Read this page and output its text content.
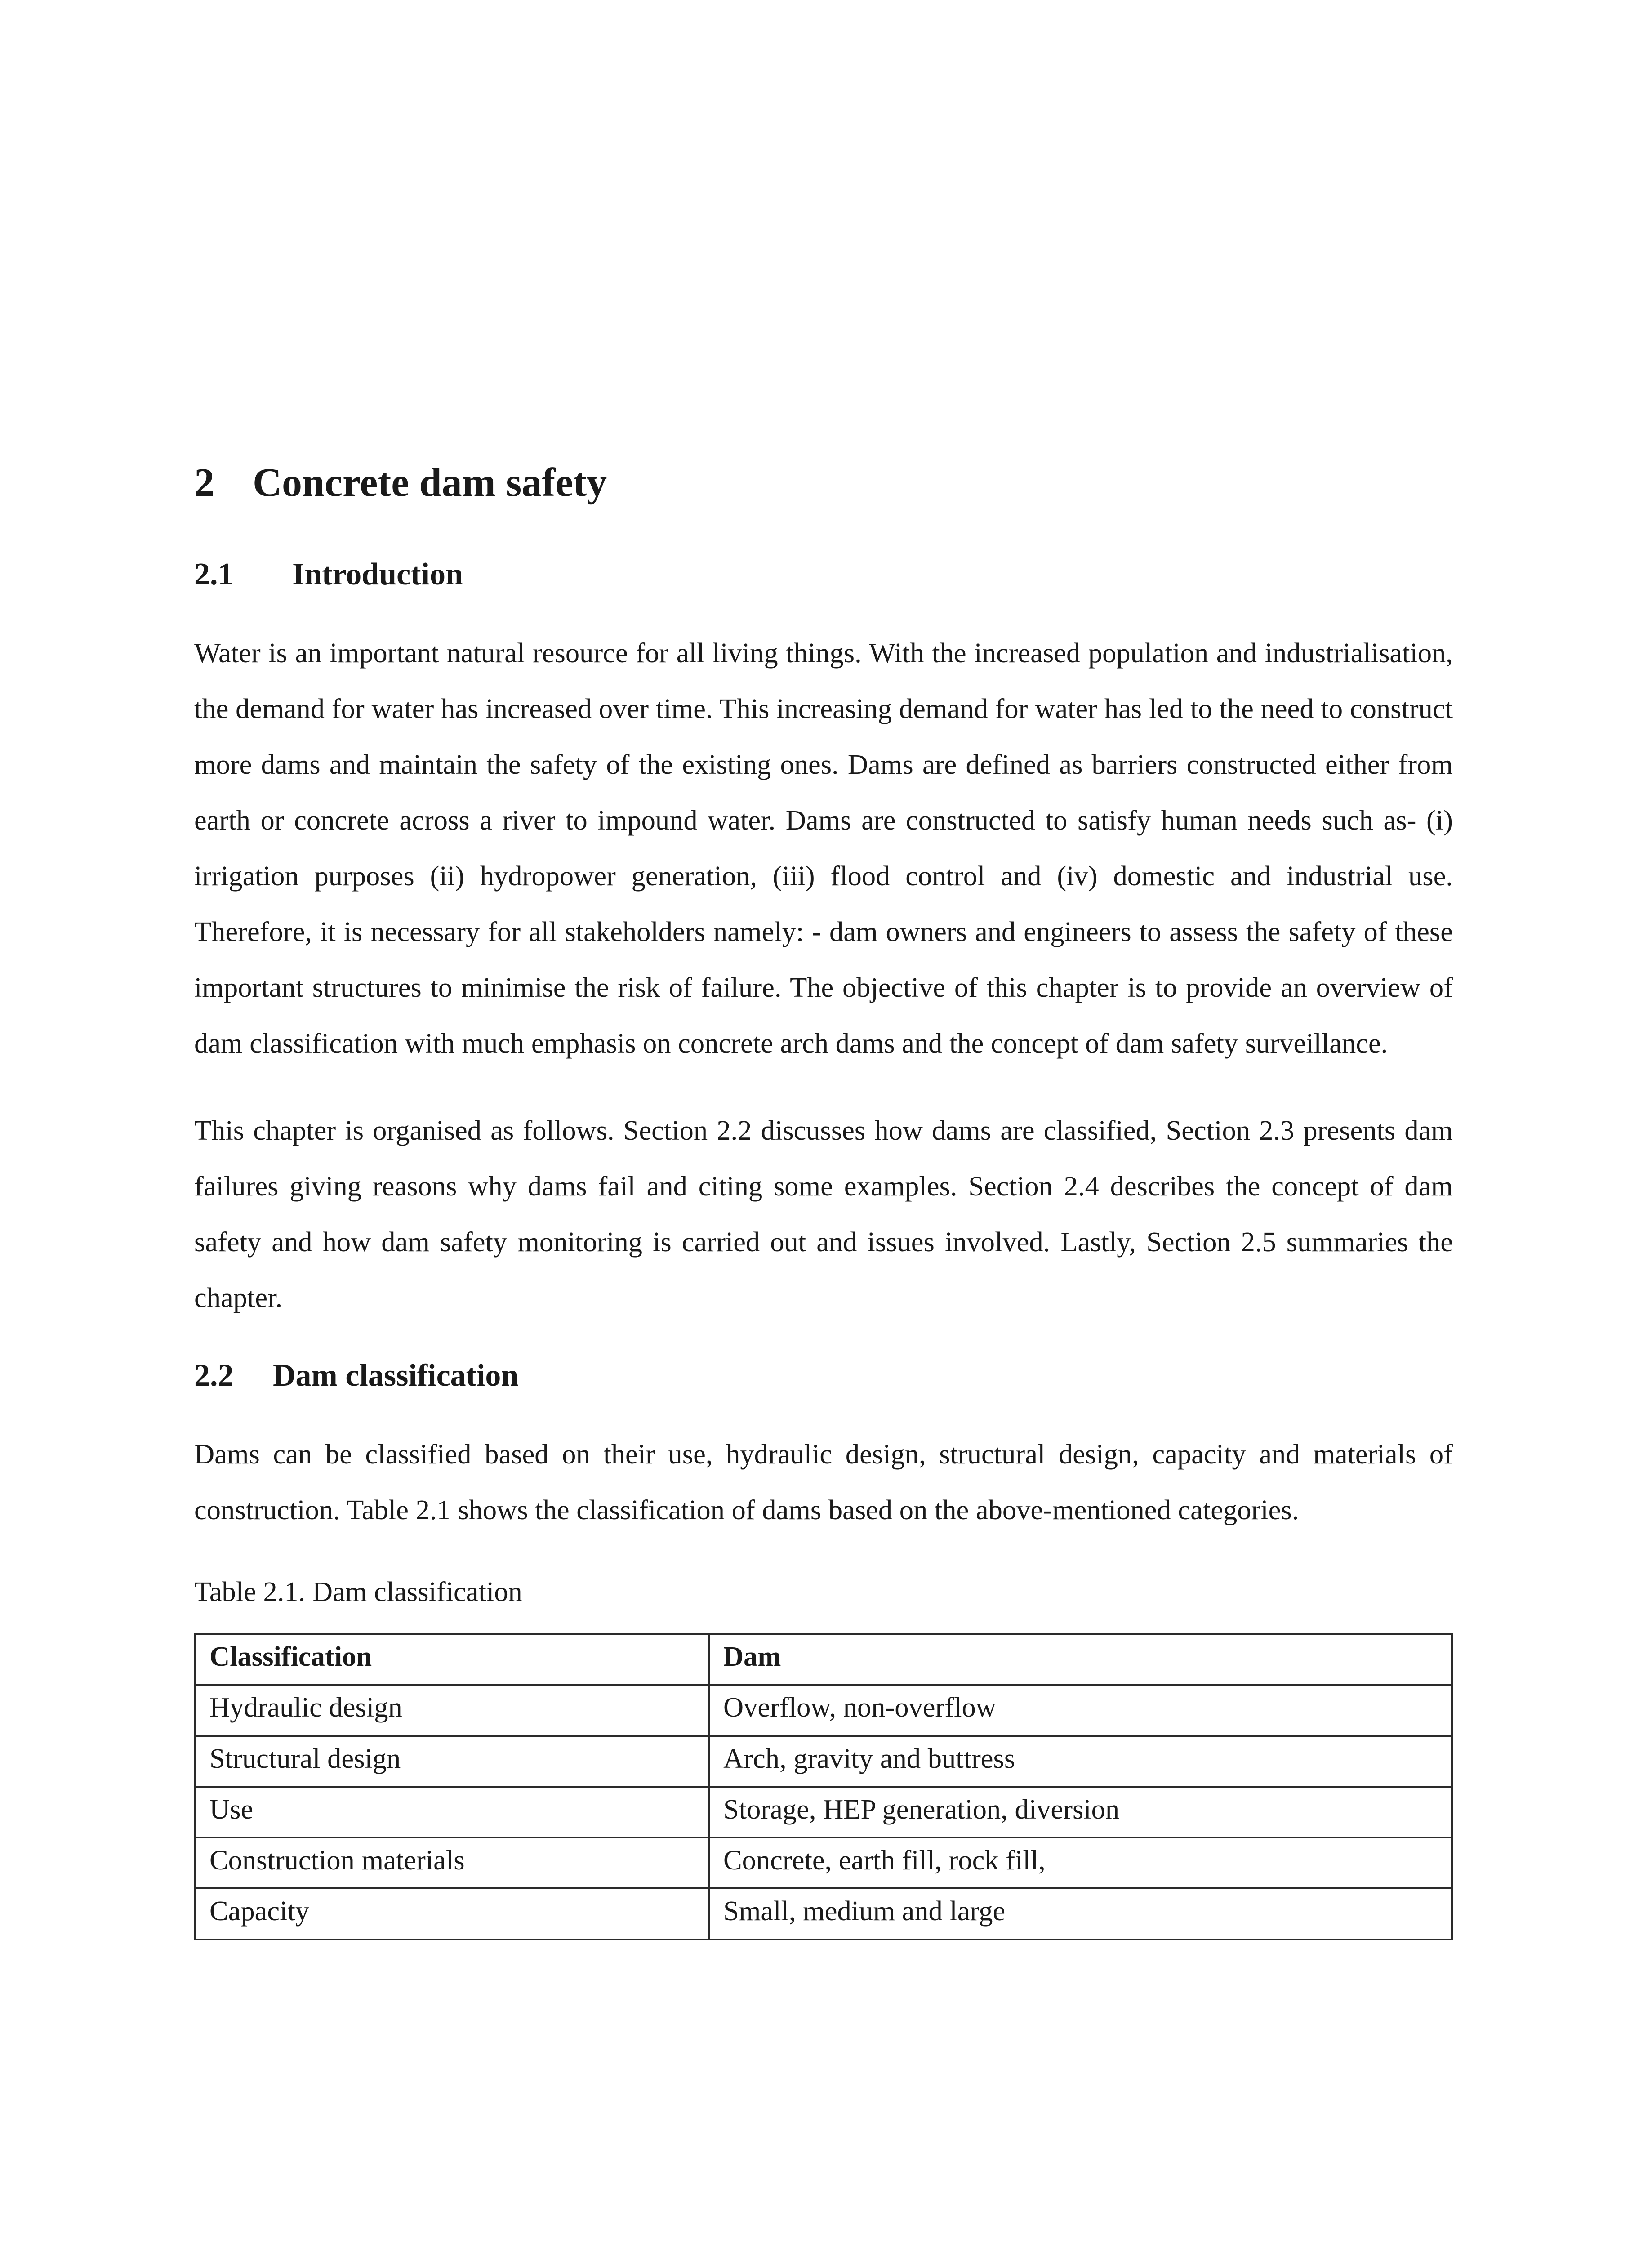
2 Concrete dam safety
2.1 Introduction

Water is an important natural resource for all living things. With the increased population and industrialisation, the demand for water has increased over time. This increasing demand for water has led to the need to construct more dams and maintain the safety of the existing ones. Dams are defined as barriers constructed either from earth or concrete across a river to impound water. Dams are constructed to satisfy human needs such as- (i) irrigation purposes (ii) hydropower generation, (iii) flood control and (iv) domestic and industrial use. Therefore, it is necessary for all stakeholders namely: - dam owners and engineers to assess the safety of these important structures to minimise the risk of failure. The objective of this chapter is to provide an overview of dam classification with much emphasis on concrete arch dams and the concept of dam safety surveillance.

This chapter is organised as follows. Section 2.2 discusses how dams are classified, Section 2.3 presents dam failures giving reasons why dams fail and citing some examples. Section 2.4 describes the concept of dam safety and how dam safety monitoring is carried out and issues involved. Lastly, Section 2.5 summaries the chapter.

2.2 Dam classification

Dams can be classified based on their use, hydraulic design, structural design, capacity and materials of construction. Table 2.1 shows the classification of dams based on the above-mentioned categories.

Table 2.1. Dam classification

Classification	Dam
Hydraulic design	Overflow, non-overflow
Structural design	Arch, gravity and buttress
Use	Storage, HEP generation, diversion
Construction materials	Concrete, earth fill, rock fill,
Capacity	Small, medium and large
